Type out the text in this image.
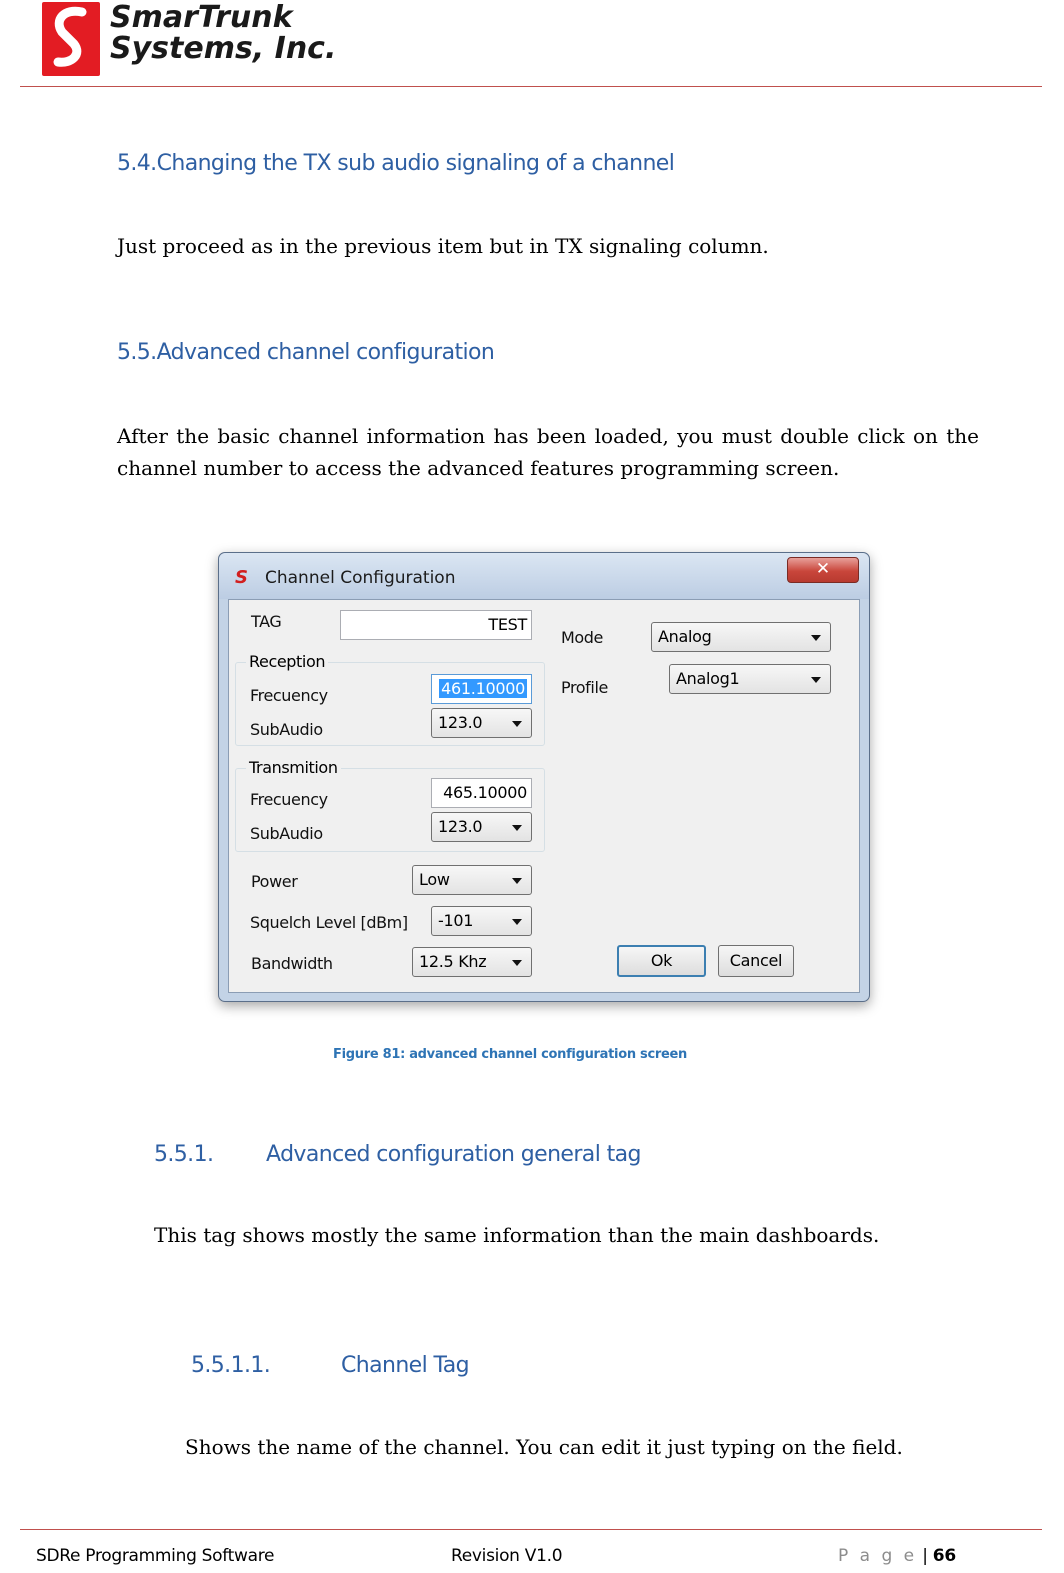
SmarTrunk
Systems, Inc.
5.4.Changing the TX sub audio signaling of a channel
Just proceed as in the previous item but in TX signaling column.
5.5.Advanced channel configuration
After the basic channel information has been loaded, you must double click on the channel number to access the advanced features programming screen.
S Channel Configuration	✕
TAG	TEST
Reception
Frecuency	461.10000
SubAudio	123.0
Transmition
Frecuency	465.10000
SubAudio	123.0
Power	Low
Squelch Level [dBm]	-101
Bandwidth	12.5 Khz
Mode	Analog
Profile	Analog1
Ok	Cancel
Figure 81: advanced channel configuration screen
5.5.1. Advanced configuration general tag
This tag shows mostly the same information than the main dashboards.
5.5.1.1.	Channel Tag
Shows the name of the channel. You can edit it just typing on the field.
SDRe Programming Software	Revision V1.0	P a g e | 66
